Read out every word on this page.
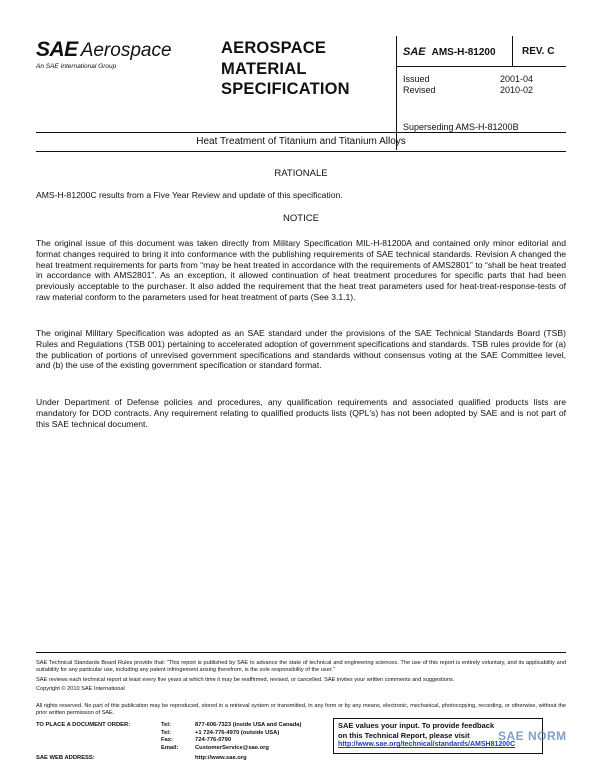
SAE Aerospace
An SAE International Group
AEROSPACE
MATERIAL
SPECIFICATION
SAE AMS-H-81200	REV. C
Issued	2001-04
Revised	2010-02
Superseding AMS-H-81200B
Heat Treatment of Titanium and Titanium Alloys
RATIONALE
AMS-H-81200C results from a Five Year Review and update of this specification.
NOTICE
The original issue of this document was taken directly from Military Specification MIL-H-81200A and contained only minor editorial and format changes required to bring it into conformance with the publishing requirements of SAE technical standards. Revision A changed the heat treatment requirements for parts from “may be heat treated in accordance with the requirements of AMS2801” to “shall be heat treated in accordance with AMS2801”. As an exception, it allowed continuation of heat treatment procedures for specific parts that had been previously acceptable to the purchaser. It also added the requirement that the heat treat parameters used for heat-treat-response-tests of raw material conform to the parameters used for heat treatment of parts (See 3.1.1).
The original Military Specification was adopted as an SAE standard under the provisions of the SAE Technical Standards Board (TSB) Rules and Regulations (TSB 001) pertaining to accelerated adoption of government specifications and standards. TSB rules provide for (a) the publication of portions of unrevised government specifications and standards without consensus voting at the SAE Committee level, and (b) the use of the existing government specification or standard format.
Under Department of Defense policies and procedures, any qualification requirements and associated qualified products lists are mandatory for DOD contracts. Any requirement relating to qualified products lists (QPL's) has not been adopted by SAE and is not part of this SAE technical document.
SAE Technical Standards Board Rules provide that: “This report is published by SAE to advance the state of technical and engineering sciences. The use of this report is entirely voluntary, and its applicability and suitability for any particular use, including any patent infringement arising therefrom, is the sole responsibility of the user.”
SAE reviews each technical report at least every five years at which time it may be reaffirmed, revised, or cancelled. SAE invites your written comments and suggestions.
Copyright © 2010 SAE International
All rights reserved. No part of this publication may be reproduced, stored in a retrieval system or transmitted, in any form or by any means, electronic, mechanical, photocopying, recording, or otherwise, without the prior written permission of SAE.
TO PLACE A DOCUMENT ORDER:	Tel:	877-606-7323 (inside USA and Canada)
Tel:	+1 724-776-4970 (outside USA)
Fax:	724-776-0790
Email:	CustomerService@sae.org
SAE WEB ADDRESS:	http://www.sae.org
SAE values your input. To provide feedback
on this Technical Report, please visit
http://www.sae.org/technical/standards/AMSH81200C
SAE NORM
